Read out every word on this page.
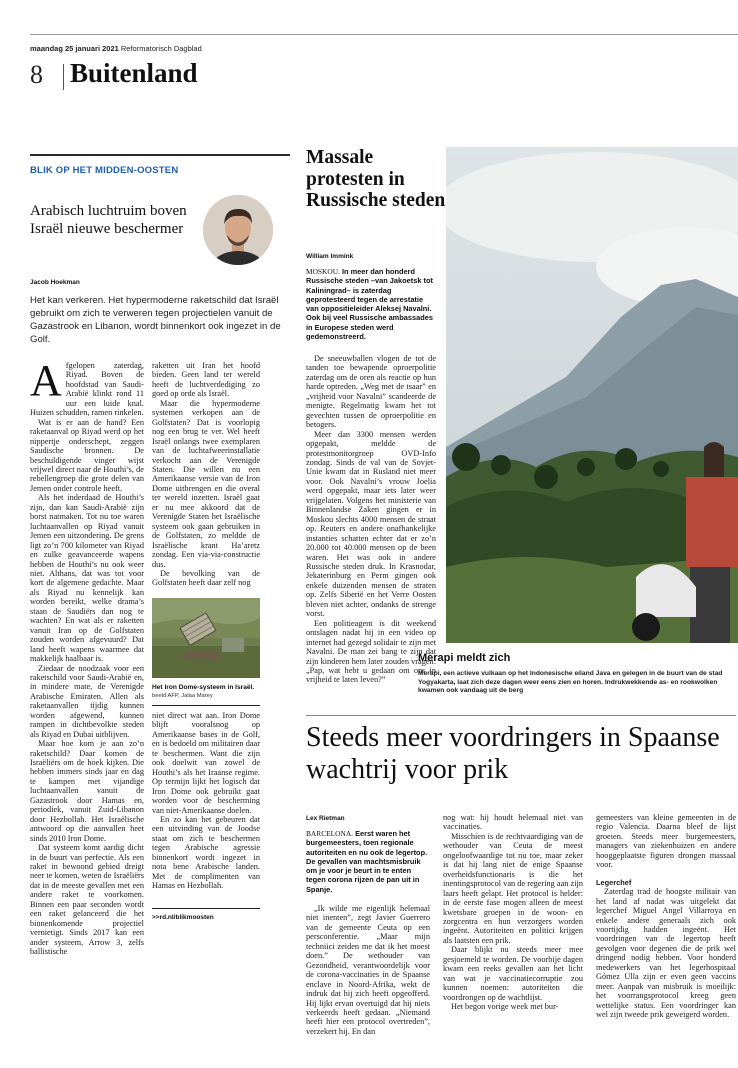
maandag 25 januari 2021 Reformatorisch Dagblad
8 Buitenland
BLIK OP HET MIDDEN-OOSTEN
Arabisch luchtruim boven Israël nieuwe beschermer
Jacob Hoekman
Het kan verkeren. Het hypermoderne raketschild dat Israël gebruikt om zich te verweren tegen projectielen vanuit de Gazastrook en Libanon, wordt binnenkort ook ingezet in de Golf.
A fgelopen zaterdag, Riyad. Boven de hoofdstad van Saudi-Arabië klinkt rond 11 uur een luide knal. Huizen schudden, ramen rinkelen.

Wat is er aan de hand? Een raketaanval op Riyad werd op het nippertje onderschept, zeggen Saudische bronnen. De beschuldigende vinger wijst vrijwel direct naar de Houthi’s, de rebellengroep die grote delen van Jemen onder controle heeft.

Als het inderdaad de Houthi’s zijn, dan kan Saudi-Arabië zijn borst natmaken. Tot nu toe waren luchtaanvallen op Riyad vanuit Jemen een uitzondering. De grens ligt zo’n 700 kilometer van Riyad en zulke geavanceerde wapens hebben de Houthi’s nu ook weer niet. Althans, dat was tot voor kort de algemene gedachte. Maar als Riyad nu kennelijk kan worden bereikt, welke drama’s staan de Saudiërs dan nog te wachten? En wat als er raketten vanuit Iran op de Golfstaten zouden worden afgevuurd? Dat land heeft wapens waarmee dat makkelijk haalbaar is.

Ziedaar de noodzaak voor een raketschild voor Saudi-Arabië en, in mindere mate, de Verenigde Arabische Emiraten. Allen als raketaanvallen tijdig kunnen worden afgewend, kunnen rampen in dichtbevolkte steden als Riyad en Dubai uitblijven.

Maar hoe kom je aan zo’n raketschild? Daar komen de Israëliërs om de hoek kijken. Die hebben immers sinds jaar en dag te kampen met vijandige luchtaanvallen vanuit de Gazastrook door Hamas en, periodiek, vanuit Zuid-Libanon door Hezbollah. Het Israëlische antwoord op die aanvallen heet sinds 2010 Iron Dome.

Dat systeem komt aardig dicht in de buurt van perfectie. Als een raket in bewoond gebied dreigt neer te komen, weten de Israëliërs dat in de meeste gevallen met een andere raket te voorkomen. Binnen een paar seconden wordt een raket gelanceerd die het binnenkomende projectiel vernietigt. Sinds 2017 kan een ander systeem, Arrow 3, zelfs ballistische

raketten uit Iran het hoofd bieden. Geen land ter wereld heeft de luchtverdediging zo goed op orde als Israël.

Maar die hypermoderne systemen verkopen aan de Golfstaten? Dat is voorlopig nog een brug te ver. Wel heeft Israël onlangs twee exemplaren van de luchtafweerinstallatie verkocht aan de Verenigde Staten. Die willen nu een Amerikaanse versie van de Iron Dome uitbrengen en die overal ter wereld inzetten. Israël gaat er nu mee akkoord dat de Verenigde Staten het Israëlische systeem ook gaan gebruiken in de Golfstaten, zo meldde de Israëlische krant Ha’aretz zondag. Een via-via-constructie dus.

De bevolking van de Golfstaten heeft daar zelf nog

Het Iron Dome-systeem in Israël. beeld AFP, Jalaa Marey

niet direct wat aan. Iron Dome blijft vooralsnog op Amerikaanse bases in de Golf, en is bedoeld om militairen daar te beschermen. Want die zijn ook doelwit van zowel de Houthi’s als het Iraanse regime. Op termijn lijkt het logisch dat Iron Dome ook gebruikt gaat worden voor de bescherming van niet-Amerikaanse doelen.

En zo kan het gebeuren dat een uitvinding van de Joodse staat om zich te beschermen tegen Arabische agressie binnenkort wordt ingezet in nota bene Arabische landen. Met de complimenten van Hamas en Hezbollah.

>>rd.nl/blikmoosten
Massale protesten in Russische steden
William Immink
MOSKOU. In meer dan honderd Russische steden –van Jakoetsk tot Kaliningrad– is zaterdag geprotesteerd tegen de arrestatie van oppositieleider Aleksej Navalni. Ook bij veel Russische ambassades in Europese steden werd gedemonstreerd.

De sneeuwballen vlogen de tot de tanden toe bewapende oproerpolitie zaterdag om de oren als reactie op hun harde optreden. „Weg met de tsaar” en „vrijheid voor Navalni” scandeerde de menigte. Regelmatig kwam het tot gevechten tussen de oproerpolitie en betogers.

Meer dan 3300 mensen werden opgepakt, meldde de protestmonitorgroep OVD-Info zondag. Sinds de val van de Sovjet-Unie kwam dat in Rusland niet meer voor. Ook Navalni’s vrouw Joelia werd opgepakt, maar iets later weer vrijgelaten. Volgens het ministerie van Binnenlandse Zaken gingen er in Moskou slechts 4000 mensen de straat op. Reuters en andere onafhankelijke instanties schatten echter dat er zo’n 20.000 tot 40.000 mensen op de been waren. Het was ook in andere Russische steden druk. In Krasnodar, Jekaterinburg en Perm gingen ook enkele duizenden mensen de straten op. Zelfs Siberië en het Verre Oosten bleven niet achter, ondanks de strenge vorst.

Een politieagent is dit weekend ontslagen nadat hij in een video op internet had gezegd solidair te zijn met Navalni. De man zei bang te zijn dat zijn kinderen hem later zouden vragen: „Pap, wat hebt u gedaan om ons in vrijheid te laten leven?”

Merapi meldt zich
Merapi, een actieve vulkaan op het Indonesische eiland Java en gelegen in de buurt van de stad Yogyakarta, laat zich deze dagen weer eens zien en horen. Indrukwekkende as- en rookwolken kwamen ook vandaag uit de berg
Steeds meer voordringers in Spaanse wachtrij voor prik
Lex Rietman
BARCELONA. Eerst waren het burgemeesters, toen regionale autoriteiten en nu ook de legertop. De gevallen van machtsmisbruik om je voor je beurt in te enten tegen corona rijzen de pan uit in Spanje.

„Ik wilde me eigenlijk helemaal niet inenten”, zegt Javier Guerrero van de gemeente Ceuta op een persconferentie. „Maar mijn techniici zeiden me dat ik het moest doen.” De wethouder van Gezondheid, verantwoordelijk voor de corona-vaccinaties in de Spaanse enclave in Noord-Afrika, wekt de indruk dat hij zich heeft opgeofferd. Hij lijkt ervan overtuigd dat hij niets verkeerds heeft gedaan. „Niemand heeft hier een protocol overtreden”, verzekert hij. En dan

nog wat: hij houdt helemaal niet van vaccinaties.

Misschien is de rechtvaardiging van de wethouder van Ceuta de meest ongeloofwaardige tot nu toe, maar zeker is dat hij lang niet de enige Spaanse overheidsfunctionaris is die het inentingsprotocol van de regering aan zijn laars heeft gelapt. Het protocol is helder: in de eerste fase mogen alleen de meest kwetsbare groepen in de woon- en zorgcentra en hun verzorgers worden ingeënt. Autoriteiten en politici krijgen als laatsten een prik.

Daar blijkt nu steeds meer mee gesjoemeld te worden. De voorbije dagen kwam een reeks gevallen aan het licht van wat je vaccinatiecorruptie zou kunnen noemen: autoriteiten die voordrongen op de wachtlijst.

Het begon vorige week met bur-

gemeesters van kleine gemeenten in de regio Valencia. Daarna bleef de lijst groeien. Steeds meer burgemeesters, managers van ziekenhuizen en andere hooggeplaatste figuren drongen massaal voor.

Legerchef

Zaterdag trad de hoogste militair van het land af nadat was uitgelekt dat legerchef Miguel Angel Villarroya en enkele andere generaals zich ook voortijdig hadden ingeënt. Het voordringen van de legertop heeft gevolgen voor degenen die de prik wel dringend nodig hebben. Voor honderd medewerkers van het legerhospitaal Gómez Ulla zijn er even geen vaccins meer. Aanpak van misbruik is moeilijk: het voorrangsprotocol kreeg geen wettelijke status. Een voordringer kan wel zijn tweede prik geweigerd worden.
